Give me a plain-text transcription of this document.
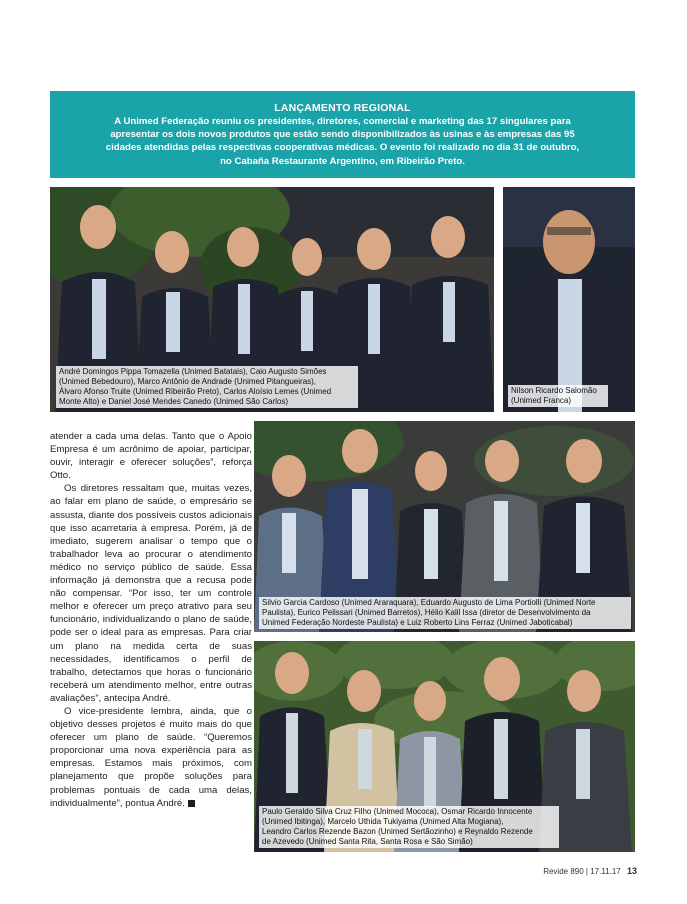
LANÇAMENTO REGIONAL
A Unimed Federação reuniu os presidentes, diretores, comercial e marketing das 17 singulares para
apresentar os dois novos produtos que estão sendo disponibilizados às usinas e às empresas das 95
cidades atendidas pelas respectivas cooperativas médicas. O evento foi realizado no dia 31 de outubro,
no Cabaña Restaurante Argentino, em Ribeirão Preto.
André Domingos Pippa Tomazella (Unimed Batatais), Caio Augusto Simões
(Unimed Bebedouro), Marco Antônio de Andrade (Unimed Pitangueiras),
Álvaro Afonso Truite (Unimed Ribeirão Preto), Carlos Aloísio Lemes (Unimed
Monte Alto) e Daniel José Mendes Canedo (Unimed São Carlos)
Nilson Ricardo Salomão
(Unimed Franca)
Silvio Garcia Cardoso (Unimed Araraquara), Eduardo Augusto de Lima Portiolli (Unimed Norte
Paulista), Eurico Pelissari (Unimed Barretos), Hélio Kalil Issa (diretor de Desenvolvimento da
Unimed Federação Nordeste Paulista) e Luiz Roberto Lins Ferraz (Unimed Jaboticabal)
Paulo Geraldo Silva Cruz Filho (Unimed Mococa), Osmar Ricardo Innocente
(Unimed Ibitinga), Marcelo Uthida Tukiyama (Unimed Alta Mogiana),
Leandro Carlos Rezende Bazon (Unimed Sertãozinho) e Reynaldo Rezende
de Azevedo (Unimed Santa Rita, Santa Rosa e São Simão)

atender a cada uma delas. Tanto que o Apoio Empresa é um acrônimo de apoiar, participar, ouvir, interagir e oferecer soluções”, reforça Otto.

Os diretores ressaltam que, muitas vezes, ao falar em plano de saúde, o empresário se assusta, diante dos possíveis custos adicionais que isso acarretaria à empresa. Porém, já de imediato, sugerem analisar o tempo que o trabalhador leva ao procurar o atendimento médico no serviço público de saúde. Essa informação já demonstra que a recusa pode não compensar. “Por isso, ter um controle melhor e oferecer um preço atrativo para seu funcionário, individualizando o plano de saúde, pode ser o ideal para as empresas. Para criar um plano na medida certa de suas necessidades, identificamos o perfil de trabalho, detectamos que horas o funcionário receberá um atendimento melhor, entre outras avaliações”, antecipa André.

O vice-presidente lembra, ainda, que o objetivo desses projetos é muito mais do que oferecer um plano de saúde. “Queremos proporcionar uma nova experiência para as empresas. Estamos mais próximos, com planejamento que propõe soluções para problemas pontuais de cada uma delas, individualmente”, pontua André.

Revide 890 | 17.11.17 13
